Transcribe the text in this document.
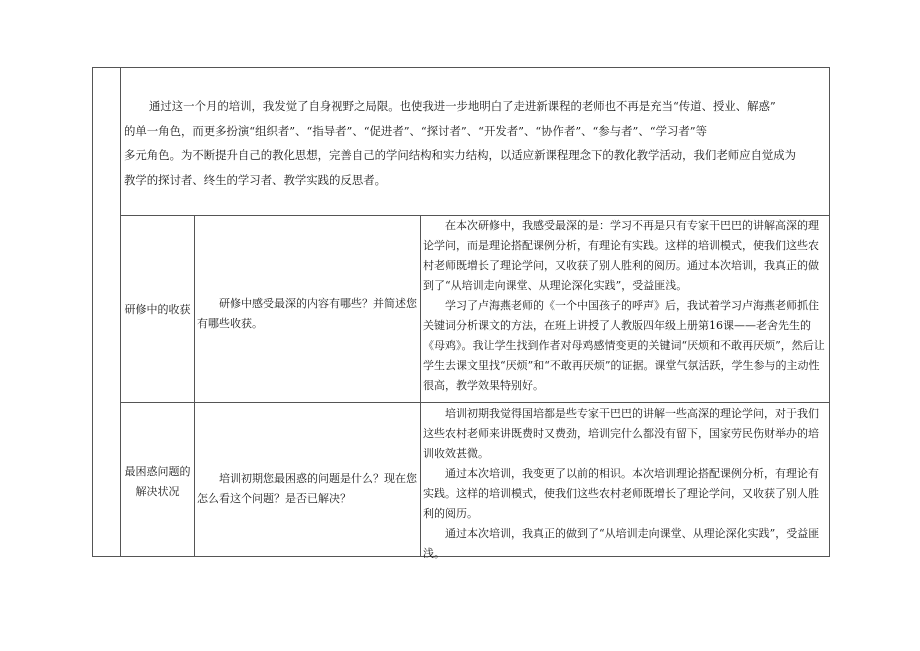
通过这一个月的培训，我发觉了自身视野之局限。也使我进一步地明白了走进新课程的老师也不再是充当“传道、授业、解惑”
的单一角色，而更多扮演“组织者”、“指导者”、“促进者”、“探讨者”、“开发者”、“协作者”、“参与者”、“学习者”等
多元角色。为不断提升自己的教化思想，完善自己的学问结构和实力结构，以适应新课程理念下的教化教学活动，我们老师应自觉成为
教学的探讨者、终生的学习者、教学实践的反思者。
研修中的收获	研修中感受最深的内容有哪些？并简述您有哪些收获。

在本次研修中，我感受最深的是：学习不再是只有专家干巴巴的讲解高深的理论学问，而是理论搭配课例分析，有理论有实践。这样的培训模式，使我们这些农村老师既增长了理论学问，又收获了别人胜利的阅历。通过本次培训，我真正的做到了“从培训走向课堂、从理论深化实践”，受益匪浅。

学习了卢海燕老师的《一个中国孩子的呼声》后，我试着学习卢海燕老师抓住关键词分析课文的方法，在班上讲授了人教版四年级上册第16课——老舍先生的《母鸡》。我让学生找到作者对母鸡感情变更的关键词“厌烦和不敢再厌烦”，然后让学生去课文里找“厌烦”和“不敢再厌烦”的证据。课堂气氛活跃，学生参与的主动性很高，教学效果特别好。

最困惑问题的
解决状况

培训初期您最困惑的问题是什么？现在您怎么看这个问题？是否已解决？

培训初期我觉得国培都是些专家干巴巴的讲解一些高深的理论学问，对于我们这些农村老师来讲既费时又费劲，培训完什么都没有留下，国家劳民伤财举办的培训收效甚微。

通过本次培训，我变更了以前的相识。本次培训理论搭配课例分析，有理论有实践。这样的培训模式，使我们这些农村老师既增长了理论学问，又收获了别人胜利的阅历。

通过本次培训，我真正的做到了“从培训走向课堂、从理论深化实践”，受益匪浅。
